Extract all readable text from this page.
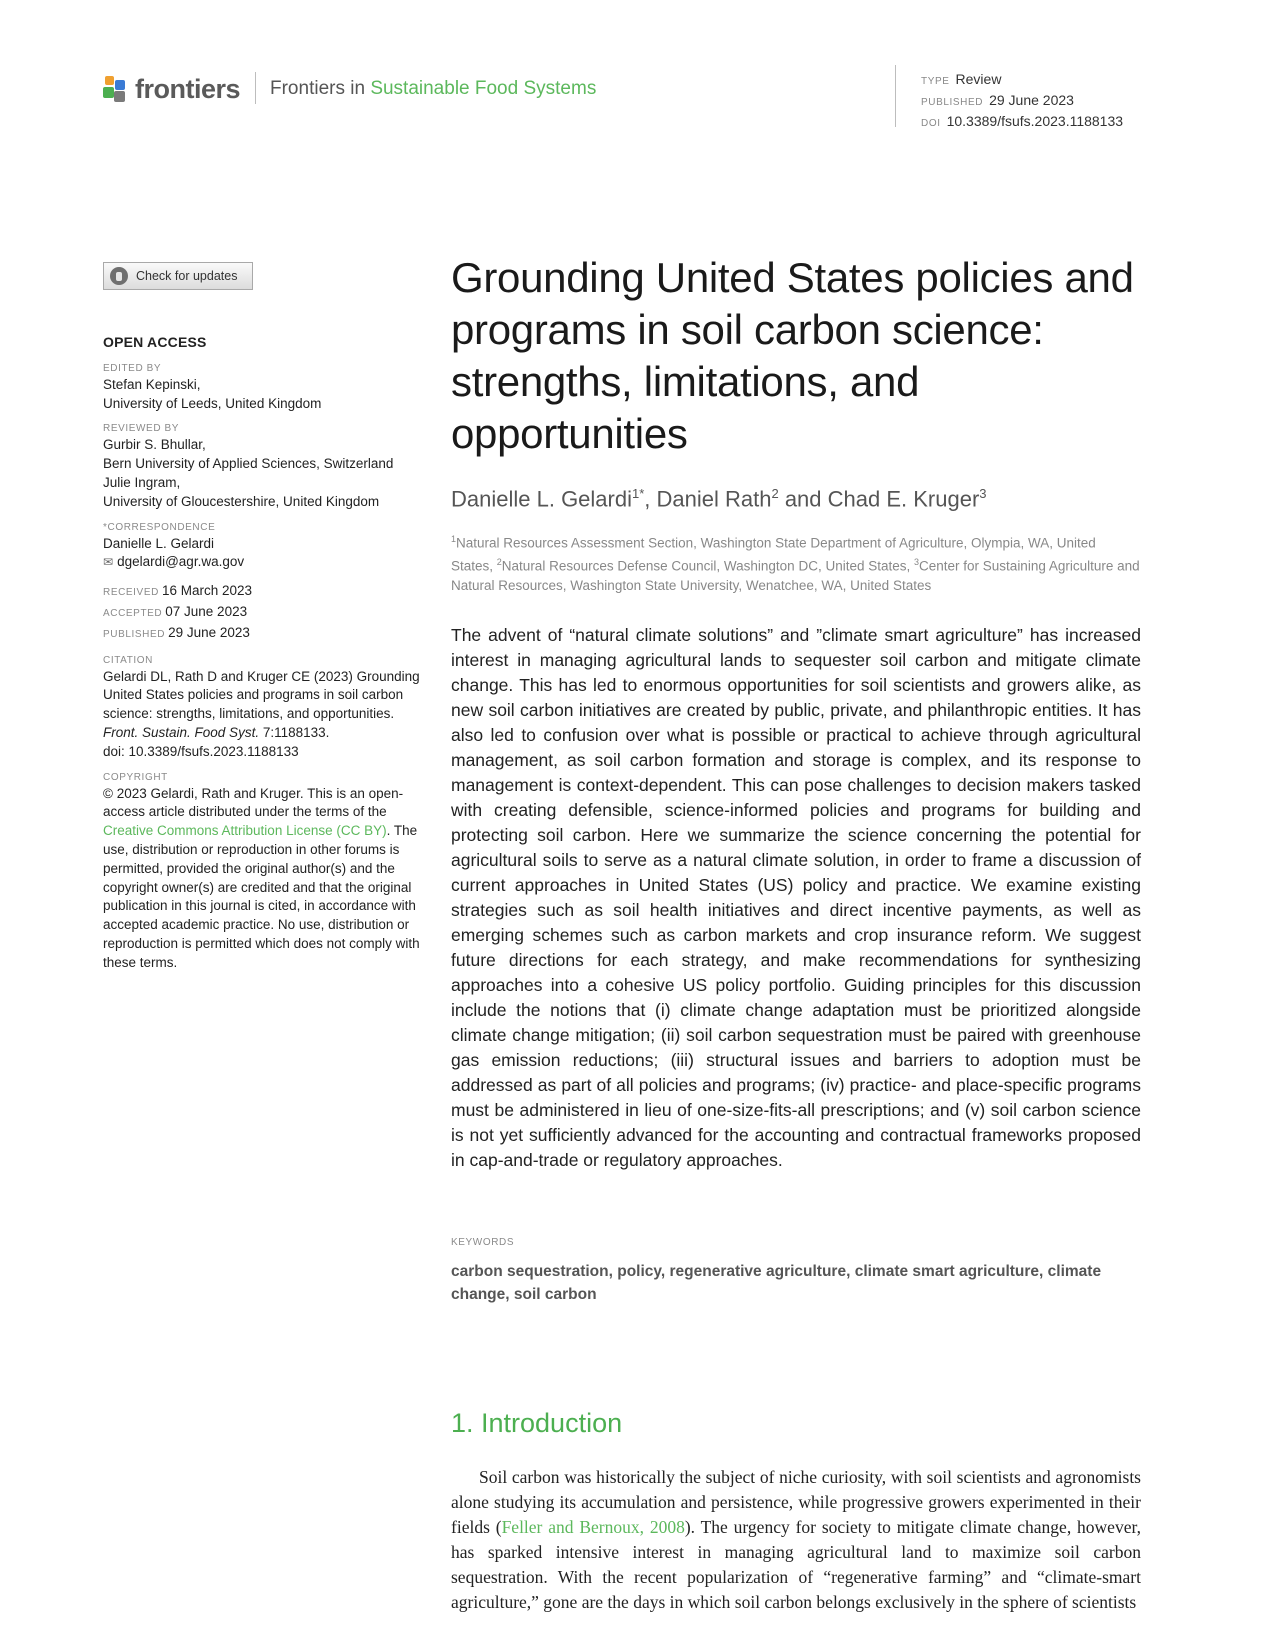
frontiers Frontiers in Sustainable Food Systems	TYPE Review
PUBLISHED 29 June 2023
DOI 10.3389/fsufs.2023.1188133
Check for updates
OPEN ACCESS
EDITED BY

Stefan Kepinski,

University of Leeds, United Kingdom

REVIEWED BY

Gurbir S. Bhullar,

Bern University of Applied Sciences, Switzerland

Julie Ingram,

University of Gloucestershire, United Kingdom

*CORRESPONDENCE

Danielle L. Gelardi

✉ dgelardi@agr.wa.gov

RECEIVED 16 March 2023

ACCEPTED 07 June 2023

PUBLISHED 29 June 2023

CITATION

Gelardi DL, Rath D and Kruger CE (2023) Grounding United States policies and programs in soil carbon science: strengths, limitations, and opportunities.

Front. Sustain. Food Syst. 7:1188133.

doi: 10.3389/fsufs.2023.1188133

COPYRIGHT

© 2023 Gelardi, Rath and Kruger. This is an open-access article distributed under the terms of the Creative Commons Attribution License (CC BY). The use, distribution or reproduction in other forums is permitted, provided the original author(s) and the copyright owner(s) are credited and that the original publication in this journal is cited, in accordance with accepted academic practice. No use, distribution or reproduction is permitted which does not comply with these terms.

Grounding United States policies and programs in soil carbon science: strengths, limitations, and opportunities
Danielle L. Gelardi$^{1*}$, Daniel Rath$^2$ and Chad E. Kruger$^3$
$^1$Natural Resources Assessment Section, Washington State Department of Agriculture, Olympia, WA, United States, $^2$Natural Resources Defense Council, Washington DC, United States, $^3$Center for Sustaining Agriculture and Natural Resources, Washington State University, Wenatchee, WA, United States

The advent of “natural climate solutions” and ”climate smart agriculture” has increased interest in managing agricultural lands to sequester soil carbon and mitigate climate change. This has led to enormous opportunities for soil scientists and growers alike, as new soil carbon initiatives are created by public, private, and philanthropic entities. It has also led to confusion over what is possible or practical to achieve through agricultural management, as soil carbon formation and storage is complex, and its response to management is context-dependent. This can pose challenges to decision makers tasked with creating defensible, science-informed policies and programs for building and protecting soil carbon. Here we summarize the science concerning the potential for agricultural soils to serve as a natural climate solution, in order to frame a discussion of current approaches in United States (US) policy and practice. We examine existing strategies such as soil health initiatives and direct incentive payments, as well as emerging schemes such as carbon markets and crop insurance reform. We suggest future directions for each strategy, and make recommendations for synthesizing approaches into a cohesive US policy portfolio. Guiding principles for this discussion include the notions that (i) climate change adaptation must be prioritized alongside climate change mitigation; (ii) soil carbon sequestration must be paired with greenhouse gas emission reductions; (iii) structural issues and barriers to adoption must be addressed as part of all policies and programs; (iv) practice- and place-specific programs must be administered in lieu of one-size-fits-all prescriptions; and (v) soil carbon science is not yet sufficiently advanced for the accounting and contractual frameworks proposed in cap-and-trade or regulatory approaches.

KEYWORDS
carbon sequestration, policy, regenerative agriculture, climate smart agriculture, climate change, soil carbon
1. Introduction

Soil carbon was historically the subject of niche curiosity, with soil scientists and agronomists alone studying its accumulation and persistence, while progressive growers experimented in their fields (Feller and Bernoux, 2008). The urgency for society to mitigate climate change, however, has sparked intensive interest in managing agricultural land to maximize soil carbon sequestration. With the recent popularization of “regenerative farming” and “climate-smart agriculture,” gone are the days in which soil carbon belongs exclusively in the sphere of scientists
